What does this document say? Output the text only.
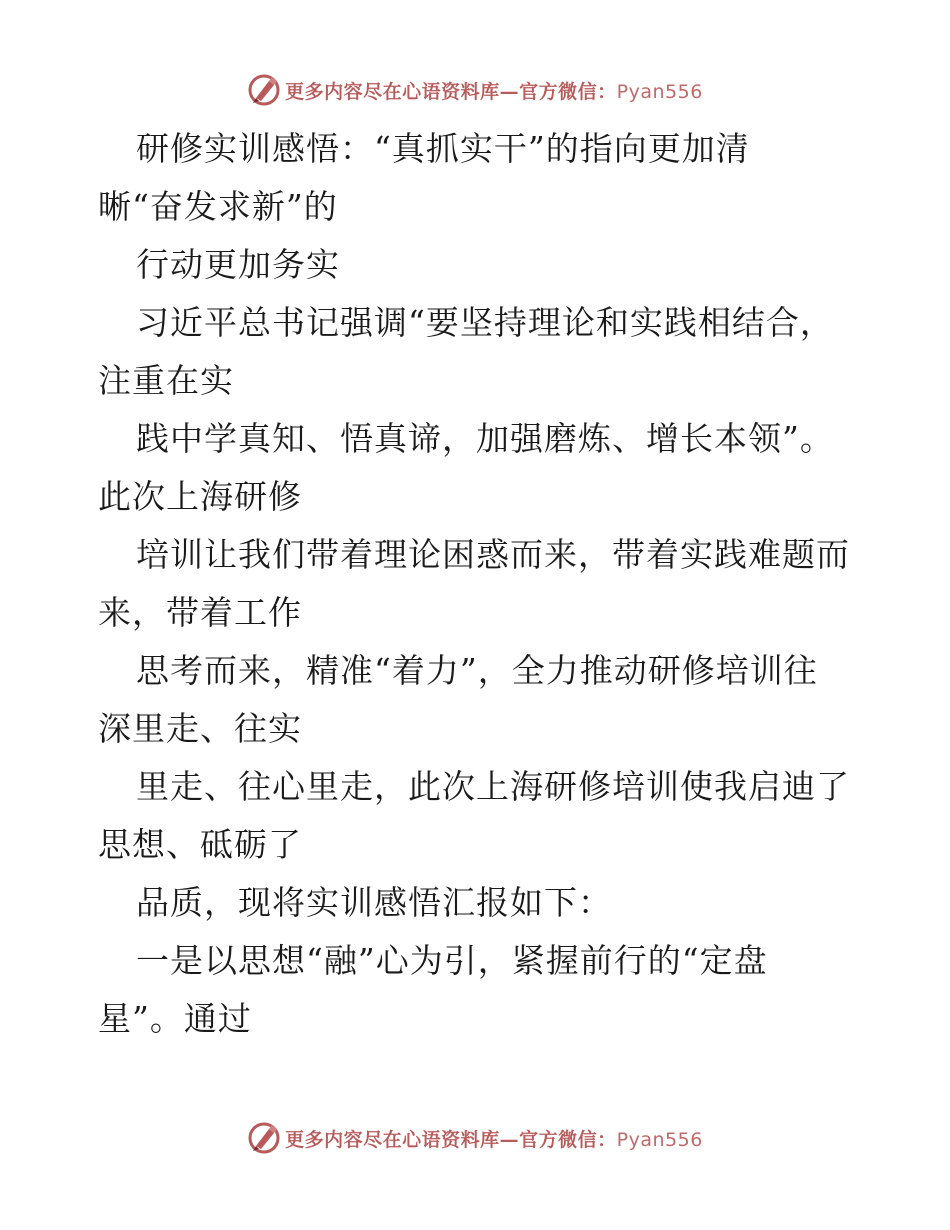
更多内容尽在心语资料库—官方微信：Pyan556
研修实训感悟：“真抓实干”的指向更加清
晰“奋发求新”的
行动更加务实
习近平总书记强调“要坚持理论和实践相结合，
注重在实
践中学真知、悟真谛，加强磨炼、增长本领”。
此次上海研修
培训让我们带着理论困惑而来，带着实践难题而
来，带着工作
思考而来，精准“着力”，全力推动研修培训往
深里走、往实
里走、往心里走，此次上海研修培训使我启迪了
思想、砥砺了
品质，现将实训感悟汇报如下：
一是以思想“融”心为引，紧握前行的“定盘
星”。通过
更多内容尽在心语资料库—官方微信：Pyan556
